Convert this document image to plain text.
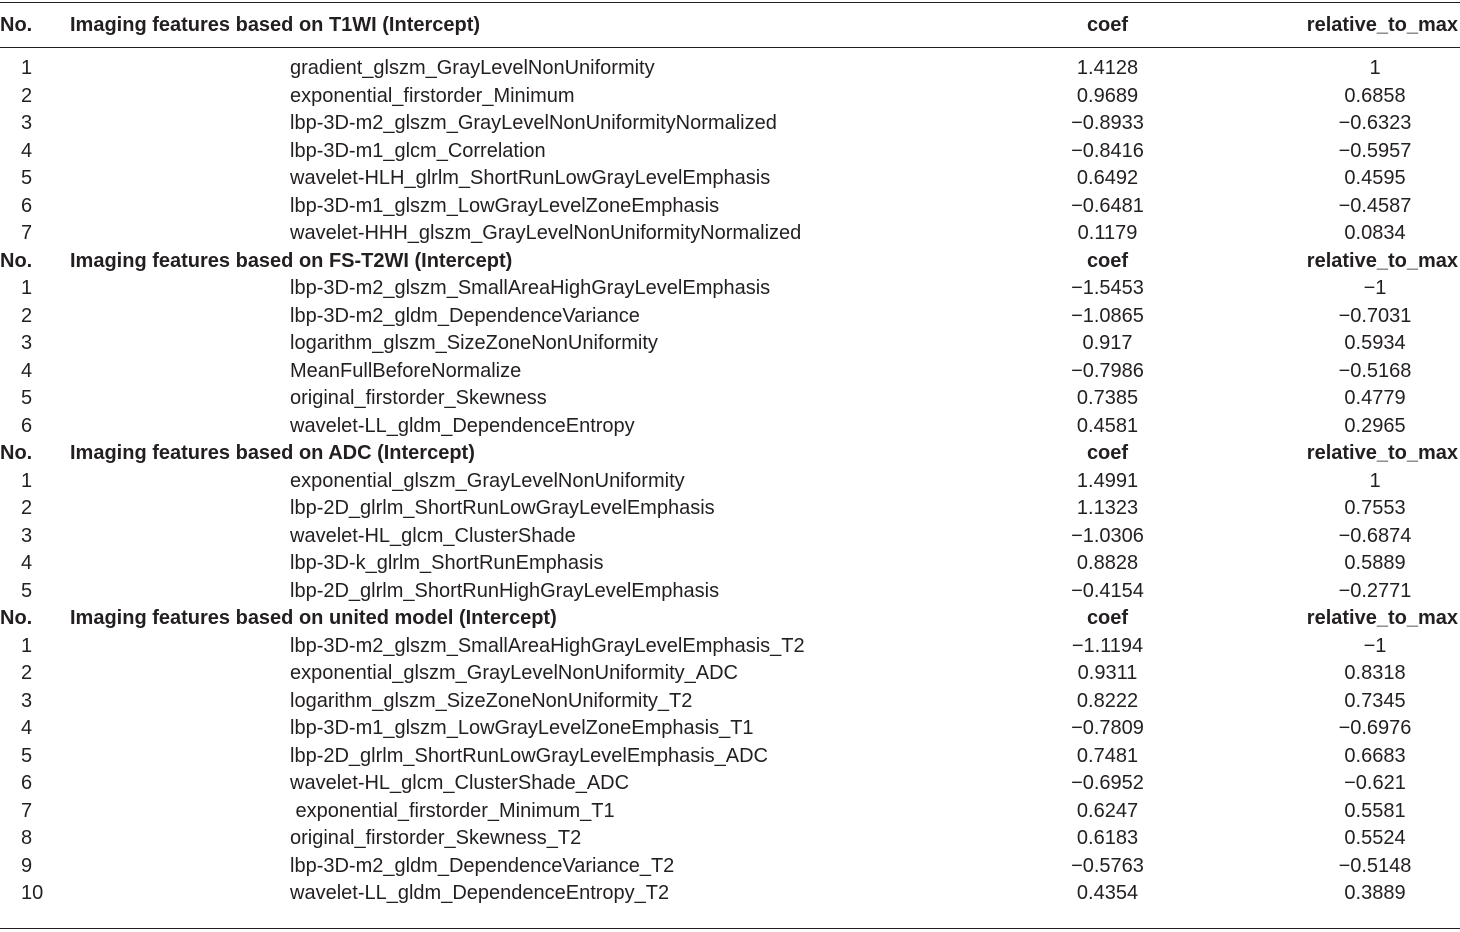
No.	Imaging features based on T1WI (Intercept)	coef	relative_to_max

1	gradient_glszm_GrayLevelNonUniformity	1.4128	1
2	exponential_firstorder_Minimum	0.9689	0.6858
3	lbp-3D-m2_glszm_GrayLevelNonUniformityNormalized	−0.8933	−0.6323
4	lbp-3D-m1_glcm_Correlation	−0.8416	−0.5957
5	wavelet-HLH_glrlm_ShortRunLowGrayLevelEmphasis	0.6492	0.4595
6	lbp-3D-m1_glszm_LowGrayLevelZoneEmphasis	−0.6481	−0.4587
7	wavelet-HHH_glszm_GrayLevelNonUniformityNormalized	0.1179	0.0834
No.	Imaging features based on FS-T2WI (Intercept)	coef	relative_to_max
1	lbp-3D-m2_glszm_SmallAreaHighGrayLevelEmphasis	−1.5453	−1
2	lbp-3D-m2_gldm_DependenceVariance	−1.0865	−0.7031
3	logarithm_glszm_SizeZoneNonUniformity	0.917	0.5934
4	MeanFullBeforeNormalize	−0.7986	−0.5168
5	original_firstorder_Skewness	0.7385	0.4779
6	wavelet-LL_gldm_DependenceEntropy	0.4581	0.2965
No.	Imaging features based on ADC (Intercept)	coef	relative_to_max
1	exponential_glszm_GrayLevelNonUniformity	1.4991	1
2	lbp-2D_glrlm_ShortRunLowGrayLevelEmphasis	1.1323	0.7553
3	wavelet-HL_glcm_ClusterShade	−1.0306	−0.6874
4	lbp-3D-k_glrlm_ShortRunEmphasis	0.8828	0.5889
5	lbp-2D_glrlm_ShortRunHighGrayLevelEmphasis	−0.4154	−0.2771
No.	Imaging features based on united model (Intercept)	coef	relative_to_max
1	lbp-3D-m2_glszm_SmallAreaHighGrayLevelEmphasis_T2	−1.1194	−1
2	exponential_glszm_GrayLevelNonUniformity_ADC	0.9311	0.8318
3	logarithm_glszm_SizeZoneNonUniformity_T2	0.8222	0.7345
4	lbp-3D-m1_glszm_LowGrayLevelZoneEmphasis_T1	−0.7809	−0.6976
5	lbp-2D_glrlm_ShortRunLowGrayLevelEmphasis_ADC	0.7481	0.6683
6	wavelet-HL_glcm_ClusterShade_ADC	−0.6952	−0.621
7	exponential_firstorder_Minimum_T1	0.6247	0.5581
8	original_firstorder_Skewness_T2	0.6183	0.5524
9	lbp-3D-m2_gldm_DependenceVariance_T2	−0.5763	−0.5148
10	wavelet-LL_gldm_DependenceEntropy_T2	0.4354	0.3889
